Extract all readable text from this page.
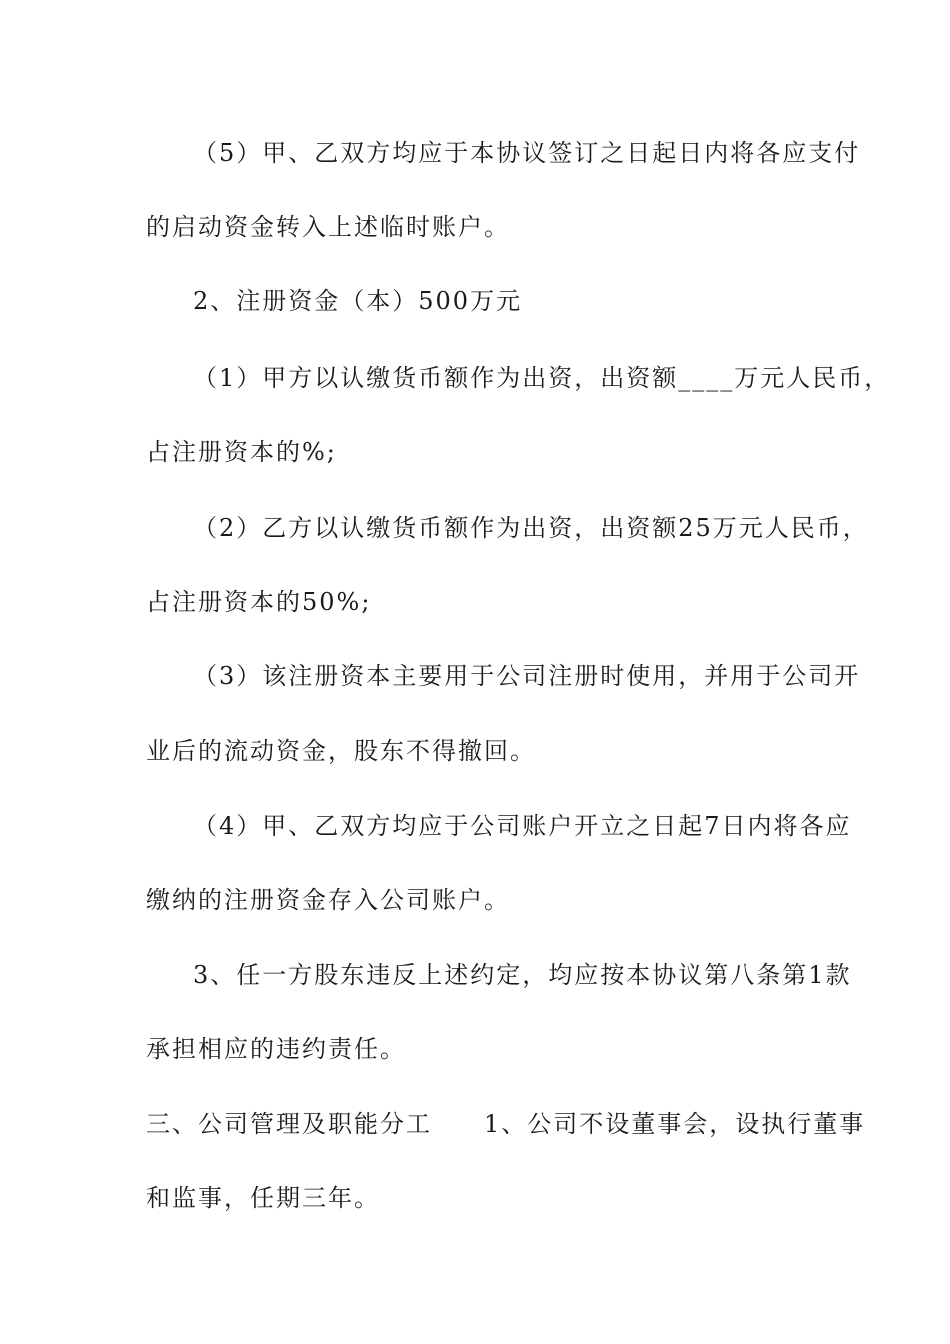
（5）甲、乙双方均应于本协议签订之日起日内将各应支付
的启动资金转入上述临时账户。
2、注册资金（本）500万元
（1）甲方以认缴货币额作为出资，出资额____万元人民币，
占注册资本的%;
（2）乙方以认缴货币额作为出资，出资额25万元人民币，
占注册资本的50%;
（3）该注册资本主要用于公司注册时使用，并用于公司开
业后的流动资金，股东不得撤回。
（4）甲、乙双方均应于公司账户开立之日起7日内将各应
缴纳的注册资金存入公司账户。
3、任一方股东违反上述约定，均应按本协议第八条第1款
承担相应的违约责任。
三、公司管理及职能分工　　1、公司不设董事会，设执行董事
和监事，任期三年。
